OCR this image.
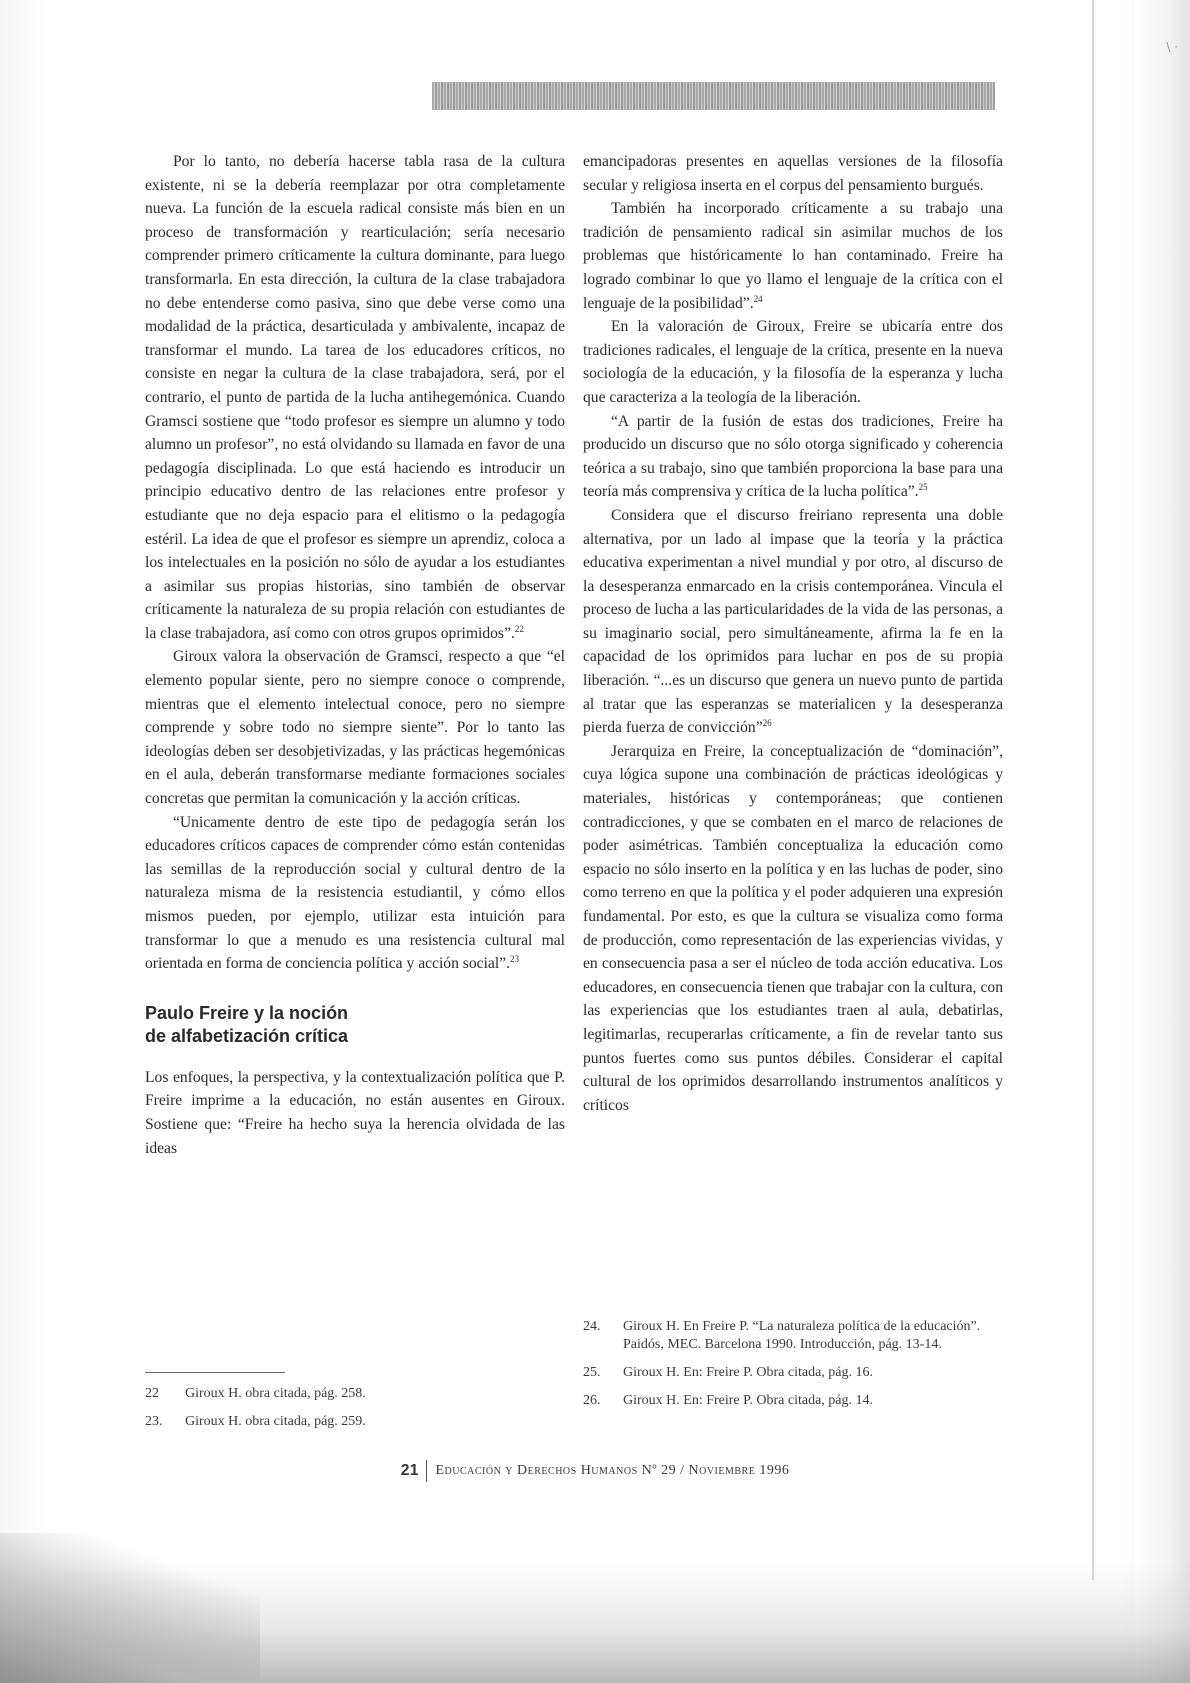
\ ·

Por lo tanto, no debería hacerse tabla rasa de la cultura existente, ni se la debería reemplazar por otra completamente nueva. La función de la escuela radical consiste más bien en un proceso de transformación y rearticulación; sería necesario comprender primero críticamente la cultura dominante, para luego transformarla. En esta dirección, la cultura de la clase trabajadora no debe entenderse como pasiva, sino que debe verse como una modalidad de la práctica, desarticulada y ambivalente, incapaz de transformar el mundo. La tarea de los educadores críticos, no consiste en negar la cultura de la clase trabajadora, será, por el contrario, el punto de partida de la lucha antihegemónica. Cuando Gramsci sostiene que “todo profesor es siempre un alumno y todo alumno un profesor”, no está olvidando su llamada en favor de una pedagogía disciplinada. Lo que está haciendo es introducir un principio educativo dentro de las relaciones entre profesor y estudiante que no deja espacio para el elitismo o la pedagogía estéril. La idea de que el profesor es siempre un aprendiz, coloca a los intelectuales en la posición no sólo de ayudar a los estudiantes a asimilar sus propias historias, sino también de observar críticamente la naturaleza de su propia relación con estudiantes de la clase trabajadora, así como con otros grupos oprimidos”.$^{22}$

Giroux valora la observación de Gramsci, respecto a que “el elemento popular siente, pero no siempre conoce o comprende, mientras que el elemento intelectual conoce, pero no siempre comprende y sobre todo no siempre siente”. Por lo tanto las ideologías deben ser desobjetivizadas, y las prácticas hegemónicas en el aula, deberán transformarse mediante formaciones sociales concretas que permitan la comunicación y la acción críticas.

“Unicamente dentro de este tipo de pedagogía serán los educadores críticos capaces de comprender cómo están contenidas las semillas de la reproducción social y cultural dentro de la naturaleza misma de la resistencia estudiantil, y cómo ellos mismos pueden, por ejemplo, utilizar esta intuición para transformar lo que a menudo es una resistencia cultural mal orientada en forma de conciencia política y acción social”.$^{23}$

Paulo Freire y la noción
de alfabetización crítica

Los enfoques, la perspectiva, y la contextualización política que P. Freire imprime a la educación, no están ausentes en Giroux. Sostiene que: “Freire ha hecho suya la herencia olvidada de las ideas

emancipadoras presentes en aquellas versiones de la filosofía secular y religiosa inserta en el corpus del pensamiento burgués.

También ha incorporado críticamente a su trabajo una tradición de pensamiento radical sin asimilar muchos de los problemas que históricamente lo han contaminado. Freire ha logrado combinar lo que yo llamo el lenguaje de la crítica con el lenguaje de la posibilidad”.$^{24}$

En la valoración de Giroux, Freire se ubicaría entre dos tradiciones radicales, el lenguaje de la crítica, presente en la nueva sociología de la educación, y la filosofía de la esperanza y lucha que caracteriza a la teología de la liberación.

“A partir de la fusión de estas dos tradiciones, Freire ha producido un discurso que no sólo otorga significado y coherencia teórica a su trabajo, sino que también proporciona la base para una teoría más comprensiva y crítica de la lucha política”.$^{25}$

Considera que el discurso freiriano representa una doble alternativa, por un lado al impase que la teoría y la práctica educativa experimentan a nivel mundial y por otro, al discurso de la desesperanza enmarcado en la crisis contemporánea. Vincula el proceso de lucha a las particularidades de la vida de las personas, a su imaginario social, pero simultáneamente, afirma la fe en la capacidad de los oprimidos para luchar en pos de su propia liberación. “...es un discurso que genera un nuevo punto de partida al tratar que las esperanzas se materialicen y la desesperanza pierda fuerza de convicción”$^{26}$

Jerarquiza en Freire, la conceptualización de “dominación”, cuya lógica supone una combinación de prácticas ideológicas y materiales, históricas y contemporáneas; que contienen contradicciones, y que se combaten en el marco de relaciones de poder asimétricas. También conceptualiza la educación como espacio no sólo inserto en la política y en las luchas de poder, sino como terreno en que la política y el poder adquieren una expresión fundamental. Por esto, es que la cultura se visualiza como forma de producción, como representación de las experiencias vividas, y en consecuencia pasa a ser el núcleo de toda acción educativa. Los educadores, en consecuencia tienen que trabajar con la cultura, con las experiencias que los estudiantes traen al aula, debatirlas, legitimarlas, recuperarlas críticamente, a fin de revelar tanto sus puntos fuertes como sus puntos débiles. Considerar el capital cultural de los oprimidos desarrollando instrumentos analíticos y críticos

22	Giroux H. obra citada, pág. 258.
23.	Giroux H. obra citada, pág. 259.
24.	Giroux H. En Freire P. “La naturaleza política de la educación”. Paidós, MEC. Barcelona 1990. Introducción, pág. 13-14.
25.	Giroux H. En: Freire P. Obra citada, pág. 16.
26.	Giroux H. En: Freire P. Obra citada, pág. 14.
21 Educación y Derechos Humanos Nº 29 / Noviembre 1996
